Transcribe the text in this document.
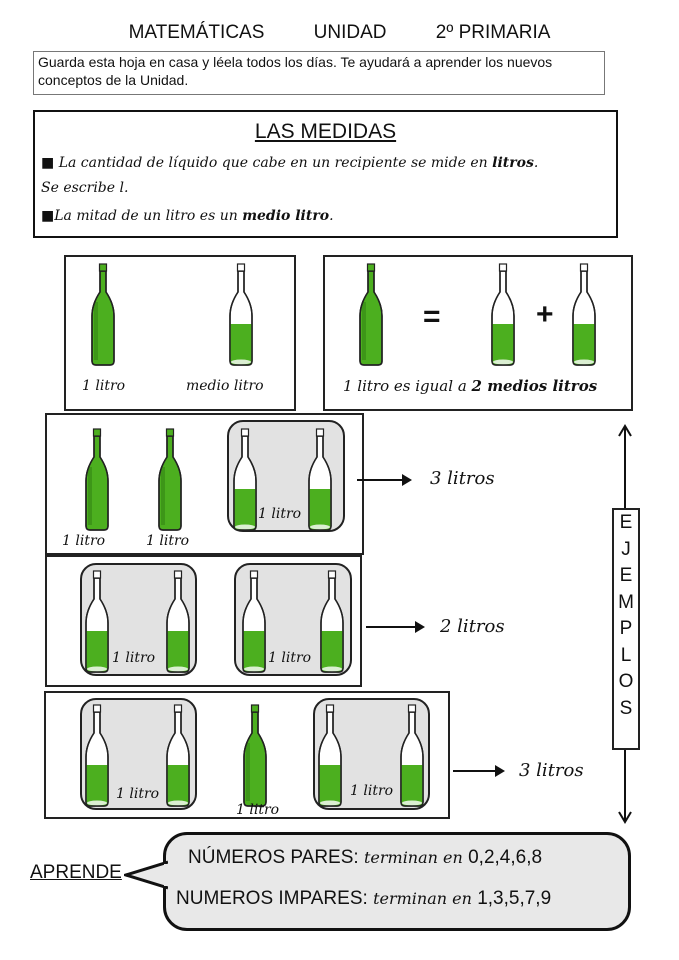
MATEMÁTICAS	UNIDAD	2º PRIMARIA
Guarda esta hoja en casa y léela todos los días. Te ayudará a aprender los nuevos conceptos de la Unidad.
LAS MEDIDAS
■ La cantidad de líquido que cabe en un recipiente se mide en litros.
Se escribe l.
■La mitad de un litro es un medio litro.
1 litro	medio litro
=	+
1 litro es igual a 2 medios litros
1 litro	1 litro
1 litro
3 litros
1 litro	1 litro
2 litros
1 litro
1 litro
1 litro
3 litros
E
J
E
M
P
L
O
S
APRENDE
NÚMEROS PARES: terminan en 0,2,4,6,8
NUMEROS IMPARES: terminan en 1,3,5,7,9
